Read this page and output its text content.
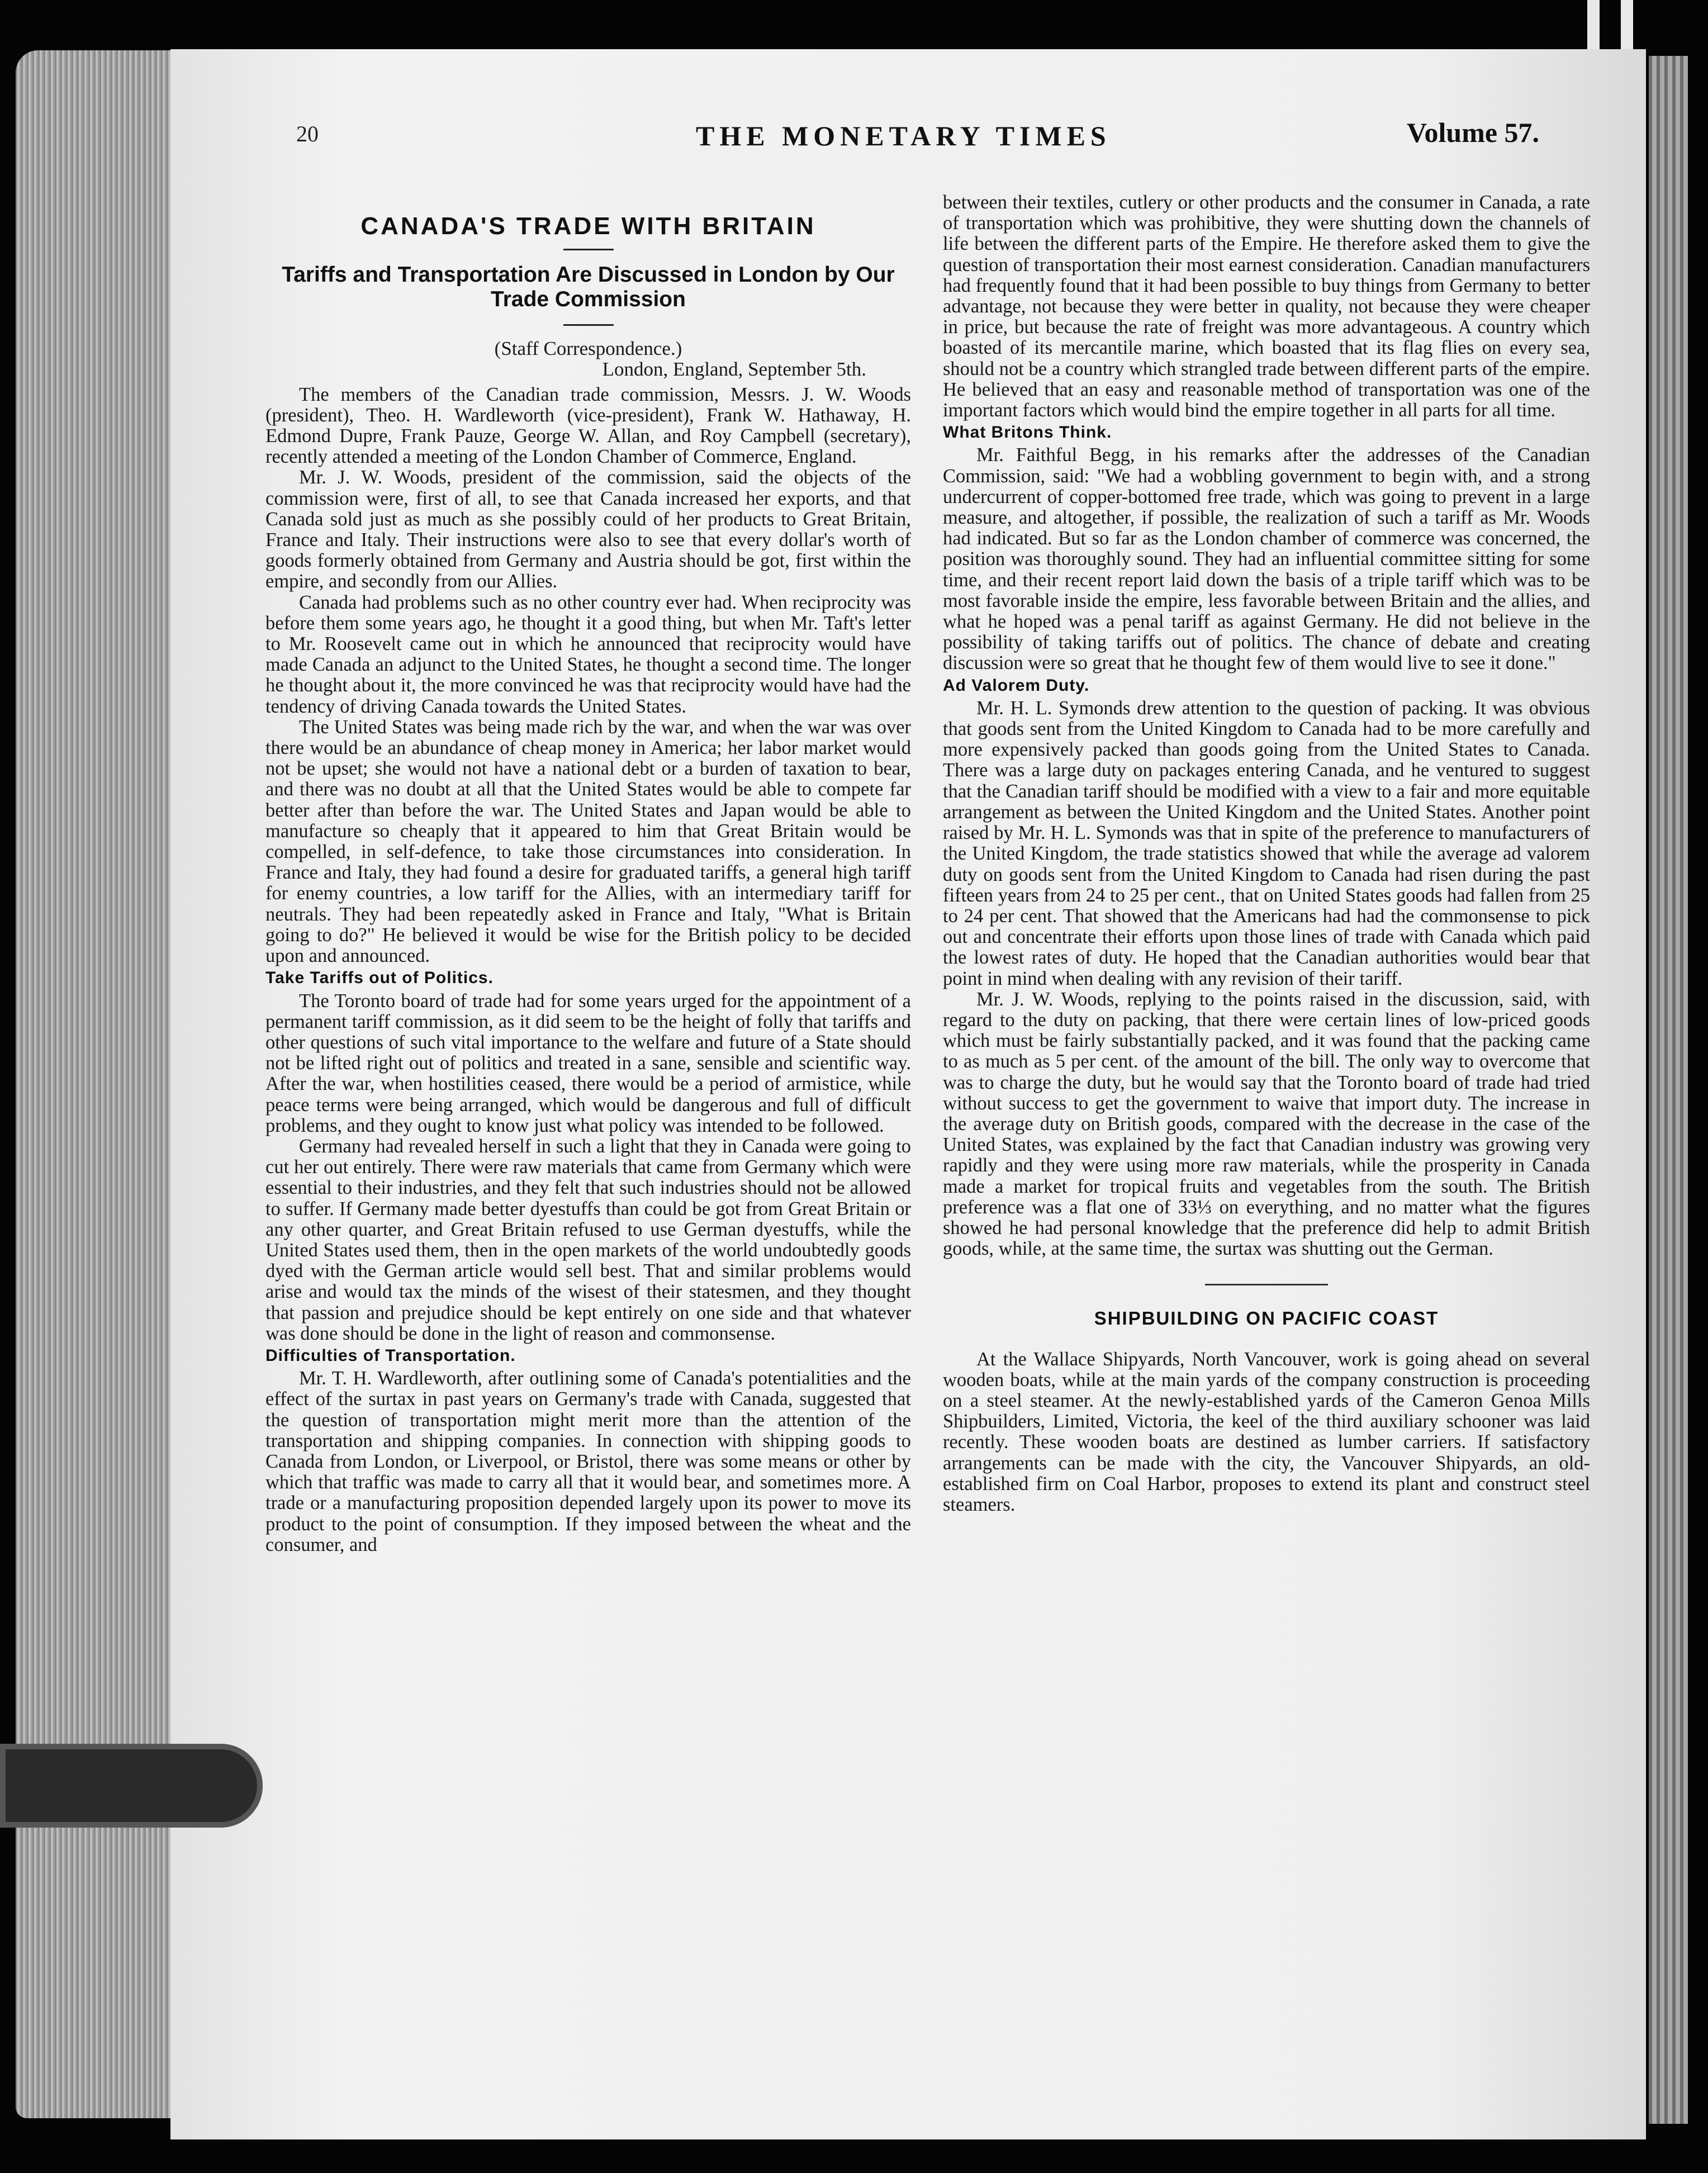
20	THE MONETARY TIMES	Volume 57.
CANADA'S TRADE WITH BRITAIN
Tariffs and Transportation Are Discussed in London by Our Trade Commission
(Staff Correspondence.)
London, England, September 5th.

The members of the Canadian trade commission, Messrs. J. W. Woods (president), Theo. H. Wardleworth (vice-president), Frank W. Hathaway, H. Edmond Dupre, Frank Pauze, George W. Allan, and Roy Campbell (secretary), recently attended a meeting of the London Chamber of Commerce, England.

Mr. J. W. Woods, president of the commission, said the objects of the commission were, first of all, to see that Canada increased her exports, and that Canada sold just as much as she possibly could of her products to Great Britain, France and Italy. Their instructions were also to see that every dollar's worth of goods formerly obtained from Germany and Austria should be got, first within the empire, and secondly from our Allies.

Canada had problems such as no other country ever had. When reciprocity was before them some years ago, he thought it a good thing, but when Mr. Taft's letter to Mr. Roosevelt came out in which he announced that reciprocity would have made Canada an adjunct to the United States, he thought a second time. The longer he thought about it, the more convinced he was that reciprocity would have had the tendency of driving Canada towards the United States.

The United States was being made rich by the war, and when the war was over there would be an abundance of cheap money in America; her labor market would not be upset; she would not have a national debt or a burden of taxation to bear, and there was no doubt at all that the United States would be able to compete far better after than before the war. The United States and Japan would be able to manufacture so cheaply that it appeared to him that Great Britain would be compelled, in self-defence, to take those circumstances into consideration. In France and Italy, they had found a desire for graduated tariffs, a general high tariff for enemy countries, a low tariff for the Allies, with an intermediary tariff for neutrals. They had been repeatedly asked in France and Italy, "What is Britain going to do?" He believed it would be wise for the British policy to be decided upon and announced.

Take Tariffs out of Politics.

The Toronto board of trade had for some years urged for the appointment of a permanent tariff commission, as it did seem to be the height of folly that tariffs and other questions of such vital importance to the welfare and future of a State should not be lifted right out of politics and treated in a sane, sensible and scientific way. After the war, when hostilities ceased, there would be a period of armistice, while peace terms were being arranged, which would be dangerous and full of difficult problems, and they ought to know just what policy was intended to be followed.

Germany had revealed herself in such a light that they in Canada were going to cut her out entirely. There were raw materials that came from Germany which were essential to their industries, and they felt that such industries should not be allowed to suffer. If Germany made better dyestuffs than could be got from Great Britain or any other quarter, and Great Britain refused to use German dyestuffs, while the United States used them, then in the open markets of the world undoubtedly goods dyed with the German article would sell best. That and similar problems would arise and would tax the minds of the wisest of their statesmen, and they thought that passion and prejudice should be kept entirely on one side and that whatever was done should be done in the light of reason and commonsense.

Difficulties of Transportation.

Mr. T. H. Wardleworth, after outlining some of Canada's potentialities and the effect of the surtax in past years on Germany's trade with Canada, suggested that the question of transportation might merit more than the attention of the transportation and shipping companies. In connection with shipping goods to Canada from London, or Liverpool, or Bristol, there was some means or other by which that traffic was made to carry all that it would bear, and sometimes more. A trade or a manufacturing proposition depended largely upon its power to move its product to the point of consumption. If they imposed between the wheat and the consumer, and

between their textiles, cutlery or other products and the consumer in Canada, a rate of transportation which was prohibitive, they were shutting down the channels of life between the different parts of the Empire. He therefore asked them to give the question of transportation their most earnest consideration. Canadian manufacturers had frequently found that it had been possible to buy things from Germany to better advantage, not because they were better in quality, not because they were cheaper in price, but because the rate of freight was more advantageous. A country which boasted of its mercantile marine, which boasted that its flag flies on every sea, should not be a country which strangled trade between different parts of the empire. He believed that an easy and reasonable method of transportation was one of the important factors which would bind the empire together in all parts for all time.

What Britons Think.

Mr. Faithful Begg, in his remarks after the addresses of the Canadian Commission, said: "We had a wobbling government to begin with, and a strong undercurrent of copper-bottomed free trade, which was going to prevent in a large measure, and altogether, if possible, the realization of such a tariff as Mr. Woods had indicated. But so far as the London chamber of commerce was concerned, the position was thoroughly sound. They had an influential committee sitting for some time, and their recent report laid down the basis of a triple tariff which was to be most favorable inside the empire, less favorable between Britain and the allies, and what he hoped was a penal tariff as against Germany. He did not believe in the possibility of taking tariffs out of politics. The chance of debate and creating discussion were so great that he thought few of them would live to see it done."

Ad Valorem Duty.

Mr. H. L. Symonds drew attention to the question of packing. It was obvious that goods sent from the United Kingdom to Canada had to be more carefully and more expensively packed than goods going from the United States to Canada. There was a large duty on packages entering Canada, and he ventured to suggest that the Canadian tariff should be modified with a view to a fair and more equitable arrangement as between the United Kingdom and the United States. Another point raised by Mr. H. L. Symonds was that in spite of the preference to manufacturers of the United Kingdom, the trade statistics showed that while the average ad valorem duty on goods sent from the United Kingdom to Canada had risen during the past fifteen years from 24 to 25 per cent., that on United States goods had fallen from 25 to 24 per cent. That showed that the Americans had had the commonsense to pick out and concentrate their efforts upon those lines of trade with Canada which paid the lowest rates of duty. He hoped that the Canadian authorities would bear that point in mind when dealing with any revision of their tariff.

Mr. J. W. Woods, replying to the points raised in the discussion, said, with regard to the duty on packing, that there were certain lines of low-priced goods which must be fairly substantially packed, and it was found that the packing came to as much as 5 per cent. of the amount of the bill. The only way to overcome that was to charge the duty, but he would say that the Toronto board of trade had tried without success to get the government to waive that import duty. The increase in the average duty on British goods, compared with the decrease in the case of the United States, was explained by the fact that Canadian industry was growing very rapidly and they were using more raw materials, while the prosperity in Canada made a market for tropical fruits and vegetables from the south. The British preference was a flat one of 33⅓ on everything, and no matter what the figures showed he had personal knowledge that the preference did help to admit British goods, while, at the same time, the surtax was shutting out the German.

SHIPBUILDING ON PACIFIC COAST

At the Wallace Shipyards, North Vancouver, work is going ahead on several wooden boats, while at the main yards of the company construction is proceeding on a steel steamer. At the newly-established yards of the Cameron Genoa Mills Shipbuilders, Limited, Victoria, the keel of the third auxiliary schooner was laid recently. These wooden boats are destined as lumber carriers. If satisfactory arrangements can be made with the city, the Vancouver Shipyards, an old-established firm on Coal Harbor, proposes to extend its plant and construct steel steamers.
